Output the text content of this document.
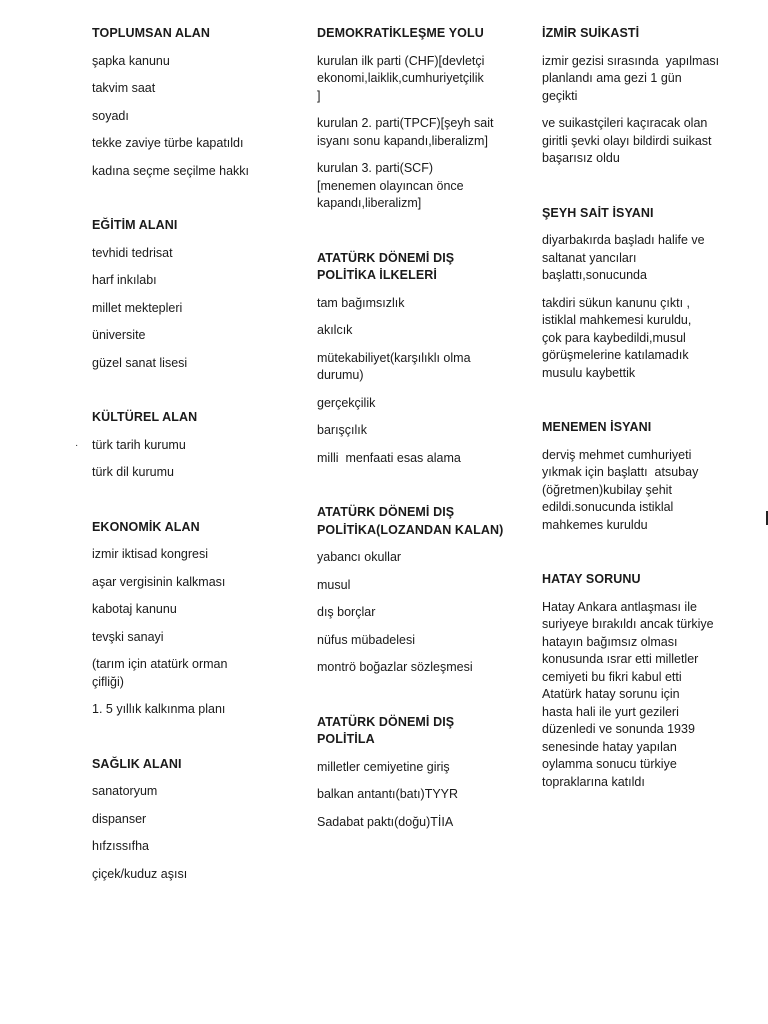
TOPLUMSAN ALAN
şapka kanunu
takvim saat
soyadı
tekke zaviye türbe kapatıldı
kadına seçme seçilme hakkı
EĞİTİM ALANI
tevhidi tedrisat
harf inkılabı
millet mektepleri
üniversite
güzel sanat lisesi
KÜLTÜREL ALAN
türk tarih kurumu
·
türk dil kurumu
EKONOMİK ALAN
izmir iktisad kongresi
aşar vergisinin kalkması
kabotaj kanunu
tevşki sanayi
(tarım için atatürk orman
çifliği)
1. 5 yıllık kalkınma planı
SAĞLIK ALANI
sanatoryum
dispanser
hıfzıssıfha
çiçek/kuduz aşısı
DEMOKRATİKLEŞME YOLU
kurulan ilk parti (CHF)[devletçi
ekonomi,laiklik,cumhuriyetçilik
]
kurulan 2. parti(TPCF)[şeyh sait
isyanı sonu kapandı,liberalizm]
kurulan 3. parti(SCF)
[menemen olayıncan önce
kapandı,liberalizm]
ATATÜRK DÖNEMİ DIŞ
POLİTİKA İLKELERİ
tam bağımsızlık
akılcık
mütekabiliyet(karşılıklı olma
durumu)
gerçekçilik
barışçılık
milli  menfaati esas alama
ATATÜRK DÖNEMİ DIŞ
POLİTİKA(LOZANDAN KALAN)
yabancı okullar
musul
dış borçlar
nüfus mübadelesi
montrö boğazlar sözleşmesi
ATATÜRK DÖNEMİ DIŞ
POLİTİLA
milletler cemiyetine giriş
balkan antantı(batı)TYYR
Sadabat paktı(doğu)TİIA
İZMİR SUİKASTİ
izmir gezisi sırasında  yapılması
planlandı ama gezi 1 gün
geçikti
ve suikastçileri kaçıracak olan
giritli şevki olayı bildirdi suikast
başarısız oldu
ŞEYH SAİT İSYANI
diyarbakırda başladı halife ve
saltanat yancıları
başlattı,sonucunda
takdiri sükun kanunu çıktı ,
istiklal mahkemesi kuruldu,
çok para kaybedildi,musul
görüşmelerine katılamadık
musulu kaybettik
MENEMEN İSYANI
derviş mehmet cumhuriyeti
yıkmak için başlattı  atsubay
(öğretmen)kubilay şehit
edildi.sonucunda istiklal
mahkemes kuruldu
HATAY SORUNU
Hatay Ankara antlaşması ile
suriyeye bırakıldı ancak türkiye
hatayın bağımsız olması
konusunda ısrar etti milletler
cemiyeti bu fikri kabul etti
Atatürk hatay sorunu için
hasta hali ile yurt gezileri
düzenledi ve sonunda 1939
senesinde hatay yapılan
oylamma sonucu türkiye
topraklarına katıldı
